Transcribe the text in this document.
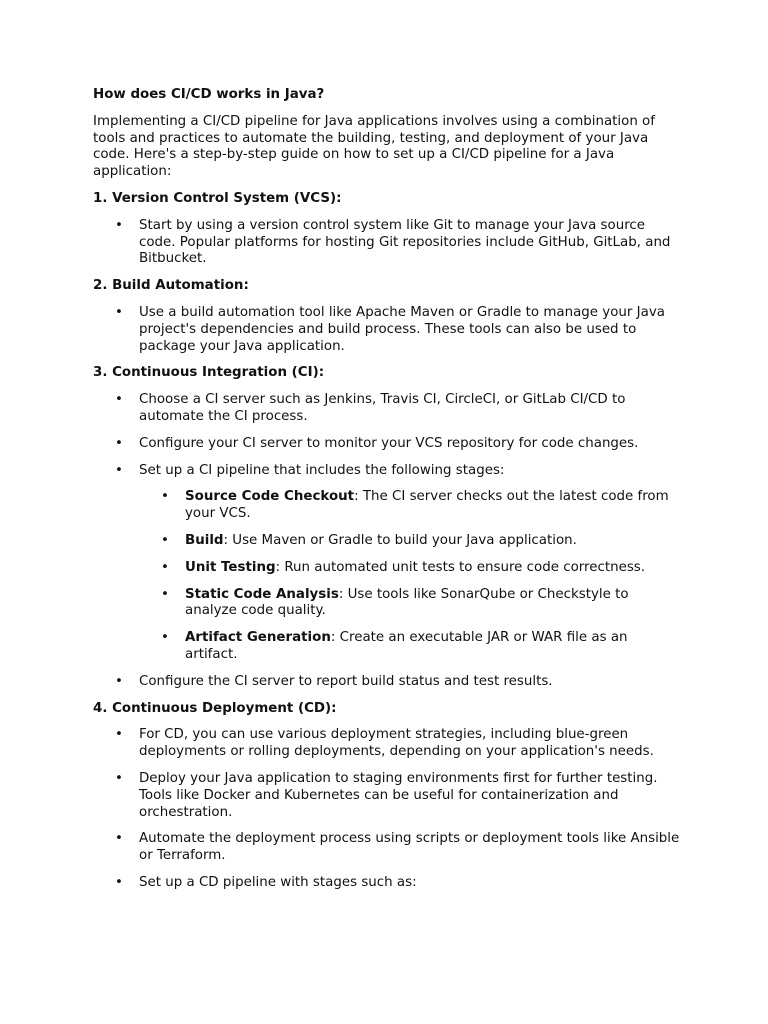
How does CI/CD works in Java?
Implementing a CI/CD pipeline for Java applications involves using a combination of tools and practices to automate the building, testing, and deployment of your Java code. Here's a step-by-step guide on how to set up a CI/CD pipeline for a Java application:
1. Version Control System (VCS):
• Start by using a version control system like Git to manage your Java source code. Popular platforms for hosting Git repositories include GitHub, GitLab, and Bitbucket.
2. Build Automation:
• Use a build automation tool like Apache Maven or Gradle to manage your Java project's dependencies and build process. These tools can also be used to package your Java application.
3. Continuous Integration (CI):
• Choose a CI server such as Jenkins, Travis CI, CircleCI, or GitLab CI/CD to automate the CI process.
• Configure your CI server to monitor your VCS repository for code changes.
• Set up a CI pipeline that includes the following stages:
• Source Code Checkout: The CI server checks out the latest code from your VCS.
• Build: Use Maven or Gradle to build your Java application.
• Unit Testing: Run automated unit tests to ensure code correctness.
• Static Code Analysis: Use tools like SonarQube or Checkstyle to analyze code quality.
• Artifact Generation: Create an executable JAR or WAR file as an artifact.
• Configure the CI server to report build status and test results.
4. Continuous Deployment (CD):
• For CD, you can use various deployment strategies, including blue-green deployments or rolling deployments, depending on your application's needs.
• Deploy your Java application to staging environments first for further testing. Tools like Docker and Kubernetes can be useful for containerization and orchestration.
• Automate the deployment process using scripts or deployment tools like Ansible or Terraform.
• Set up a CD pipeline with stages such as:
